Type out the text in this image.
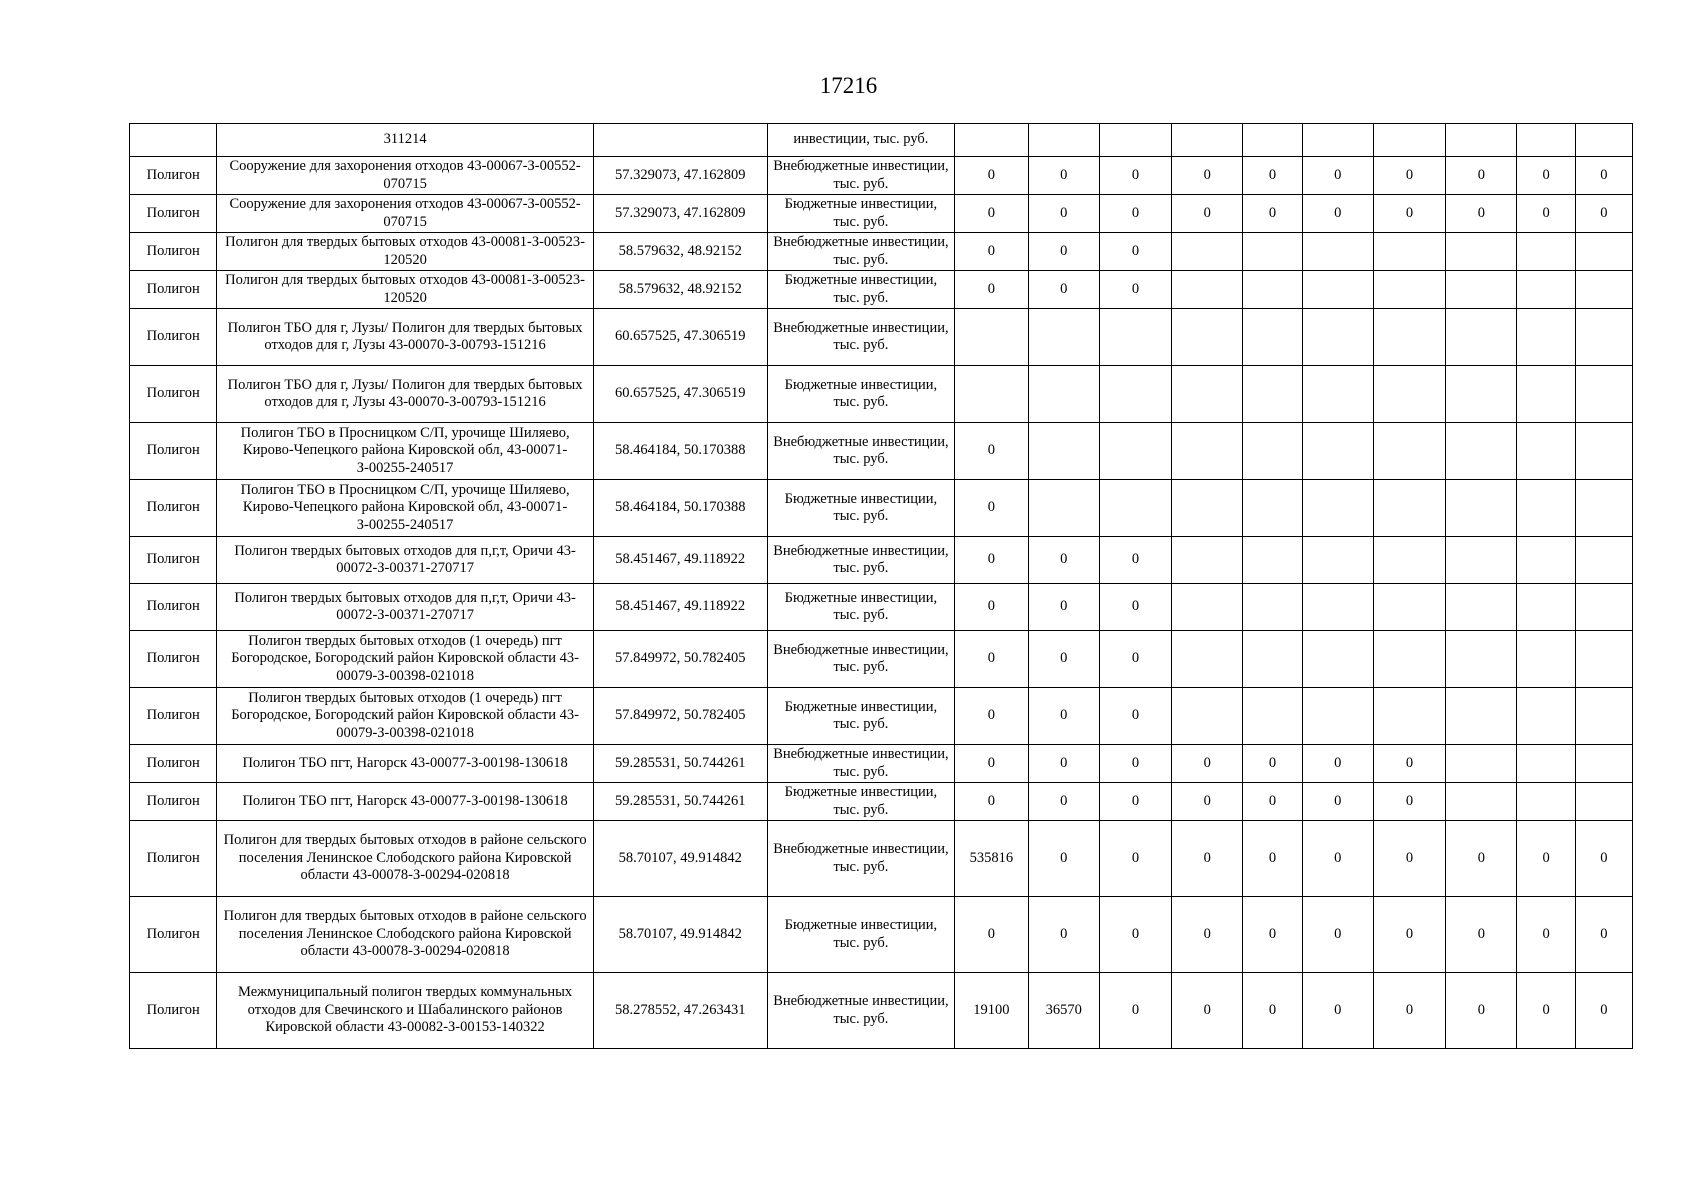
17216
	311214		инвестиции, тыс. руб.										
Полигон	Сооружение для захоронения отходов 43-00067-З-00552-070715	57.329073, 47.162809	Внебюджетные инвестиции, тыс. руб.	0	0	0	0	0	0	0	0	0	0
Полигон	Сооружение для захоронения отходов 43-00067-З-00552-070715	57.329073, 47.162809	Бюджетные инвестиции, тыс. руб.	0	0	0	0	0	0	0	0	0	0
Полигон	Полигон для твердых бытовых отходов 43-00081-З-00523-120520	58.579632, 48.92152	Внебюджетные инвестиции, тыс. руб.	0	0	0							
Полигон	Полигон для твердых бытовых отходов 43-00081-З-00523-120520	58.579632, 48.92152	Бюджетные инвестиции, тыс. руб.	0	0	0							
Полигон	Полигон ТБО для г, Лузы/ Полигон для твердых бытовых отходов для г, Лузы 43-00070-З-00793-151216	60.657525, 47.306519	Внебюджетные инвестиции, тыс. руб.										
Полигон	Полигон ТБО для г, Лузы/ Полигон для твердых бытовых отходов для г, Лузы 43-00070-З-00793-151216	60.657525, 47.306519	Бюджетные инвестиции, тыс. руб.										
Полигон	Полигон ТБО в Просницком С/П, урочище Шиляево, Кирово-Чепецкого района Кировской обл, 43-00071-З-00255-240517	58.464184, 50.170388	Внебюджетные инвестиции, тыс. руб.	0									
Полигон	Полигон ТБО в Просницком С/П, урочище Шиляево, Кирово-Чепецкого района Кировской обл, 43-00071-З-00255-240517	58.464184, 50.170388	Бюджетные инвестиции, тыс. руб.	0									
Полигон	Полигон твердых бытовых отходов для п,г,т, Оричи 43-00072-З-00371-270717	58.451467, 49.118922	Внебюджетные инвестиции, тыс. руб.	0	0	0							
Полигон	Полигон твердых бытовых отходов для п,г,т, Оричи 43-00072-З-00371-270717	58.451467, 49.118922	Бюджетные инвестиции, тыс. руб.	0	0	0							
Полигон	Полигон твердых бытовых отходов (1 очередь) пгт Богородское, Богородский район Кировской области 43-00079-З-00398-021018	57.849972, 50.782405	Внебюджетные инвестиции, тыс. руб.	0	0	0							
Полигон	Полигон твердых бытовых отходов (1 очередь) пгт Богородское, Богородский район Кировской области 43-00079-З-00398-021018	57.849972, 50.782405	Бюджетные инвестиции, тыс. руб.	0	0	0							
Полигон	Полигон ТБО пгт, Нагорск 43-00077-З-00198-130618	59.285531, 50.744261	Внебюджетные инвестиции, тыс. руб.	0	0	0	0	0	0	0			
Полигон	Полигон ТБО пгт, Нагорск 43-00077-З-00198-130618	59.285531, 50.744261	Бюджетные инвестиции, тыс. руб.	0	0	0	0	0	0	0			
Полигон	Полигон для твердых бытовых отходов в районе сельского поселения Ленинское Слободского района Кировской области 43-00078-З-00294-020818	58.70107, 49.914842	Внебюджетные инвестиции, тыс. руб.	535816	0	0	0	0	0	0	0	0	0
Полигон	Полигон для твердых бытовых отходов в районе сельского поселения Ленинское Слободского района Кировской области 43-00078-З-00294-020818	58.70107, 49.914842	Бюджетные инвестиции, тыс. руб.	0	0	0	0	0	0	0	0	0	0
Полигон	Межмуниципальный полигон твердых коммунальных отходов для Свечинского и Шабалинского районов Кировской области 43-00082-З-00153-140322	58.278552, 47.263431	Внебюджетные инвестиции, тыс. руб.	19100	36570	0	0	0	0	0	0	0	0
